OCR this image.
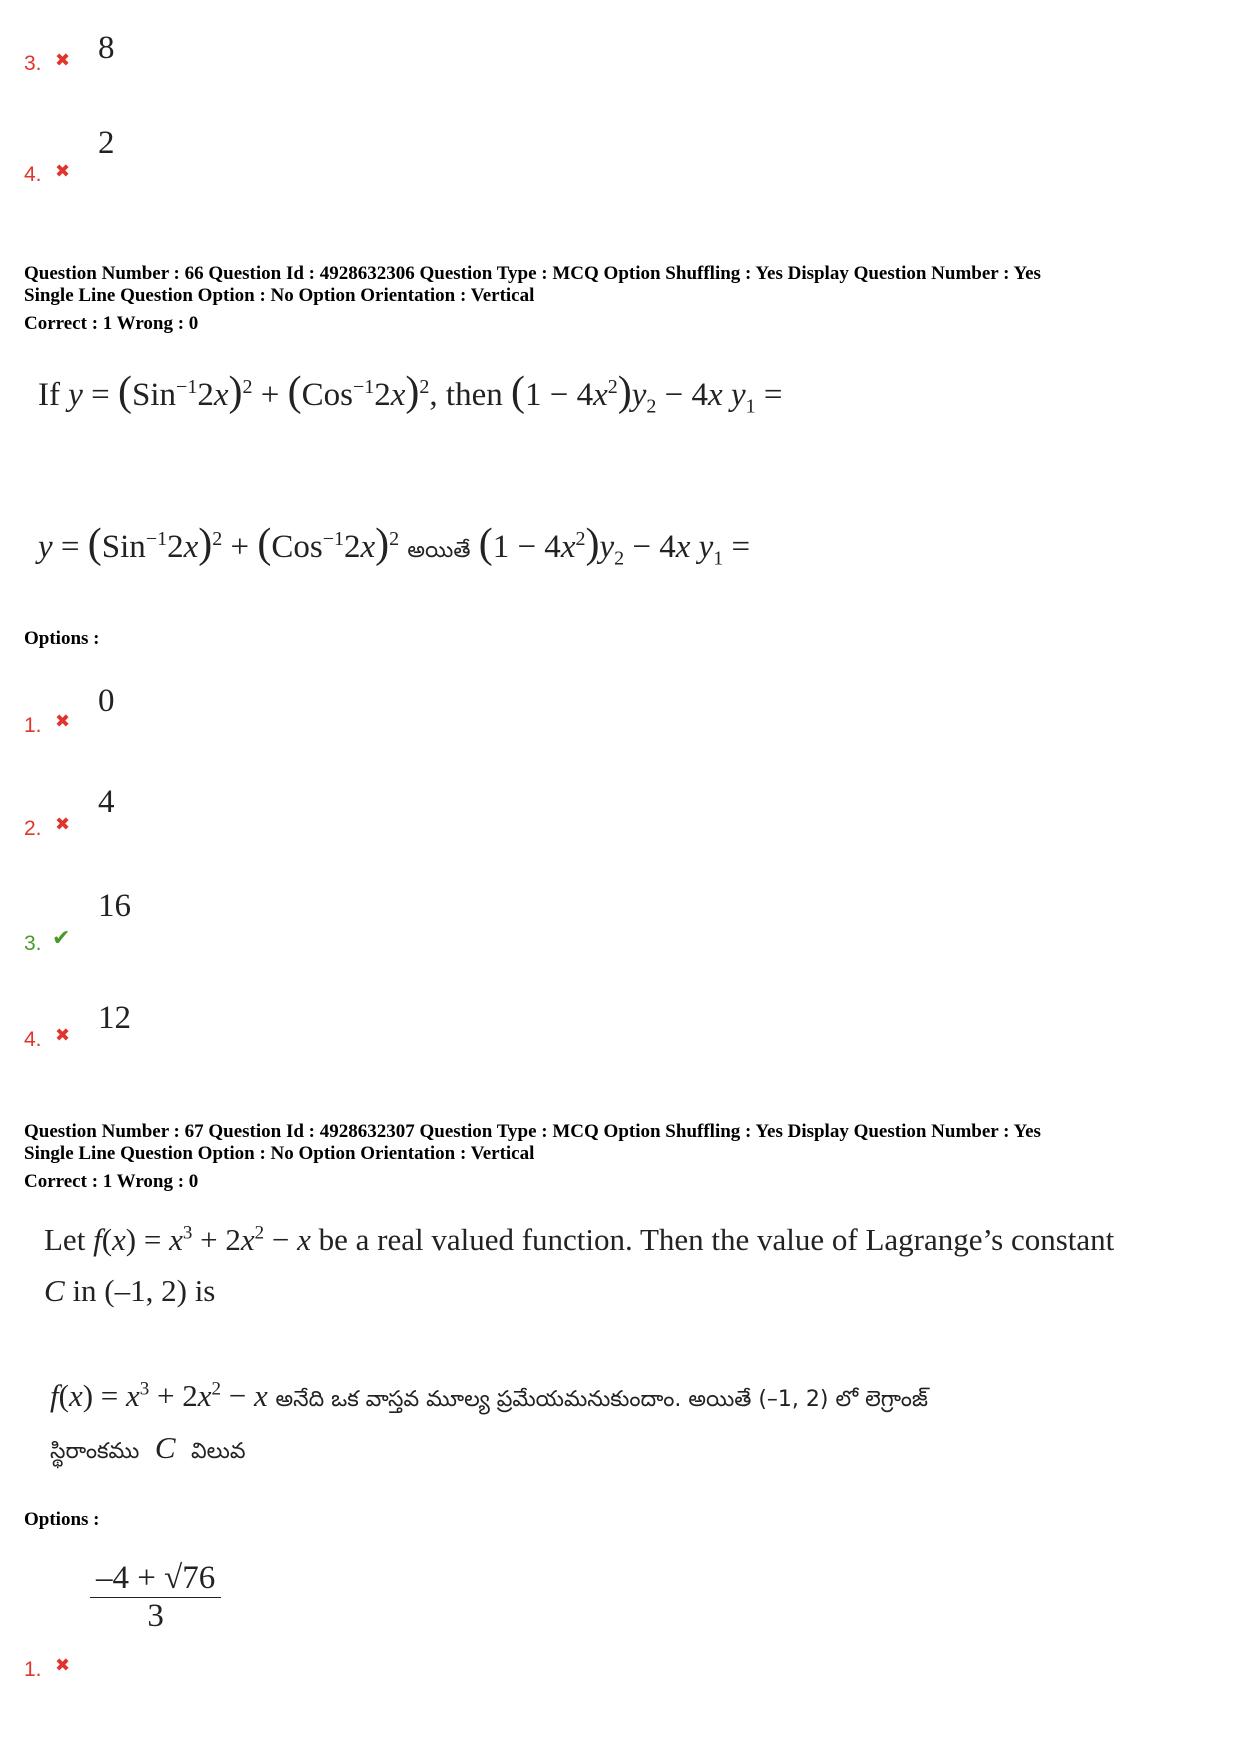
8
3. ✖
2
4. ✖
Question Number : 66 Question Id : 4928632306 Question Type : MCQ Option Shuffling : Yes Display Question Number : Yes
Single Line Question Option : No Option Orientation : Vertical
Correct : 1 Wrong : 0
If $y = (Sin^{-1}2x)^2 + (Cos^{-1}2x)^2$, then $(1 - 4x^2)y_2 - 4x$ $y_1$ =
$y = (Sin^{-1}2x)^2 + (Cos^{-1}2x)^2$ అయితే $(1 - 4x^2)y_2 - 4x$ $y_1$ =
Options :
0
1. ✖
4
2. ✖
16
3. ✔
12
4. ✖
Question Number : 67 Question Id : 4928632307 Question Type : MCQ Option Shuffling : Yes Display Question Number : Yes
Single Line Question Option : No Option Orientation : Vertical
Correct : 1 Wrong : 0
Let $f(x) = x^3 + 2x^2 - x$ be a real valued function. Then the value of Lagrange’s constant
C in (–1, 2) is
$f(x) = x^3 + 2x^2 - x$ అనేది ఒక వాస్తవ మూల్య ప్రమేయమనుకుందాం. అయితే (–1, 2) లో లెగ్రాంజ్
స్థిరాంకము C విలువ
Options :
$\frac{-4 + √76}{3}$
1. ✖
